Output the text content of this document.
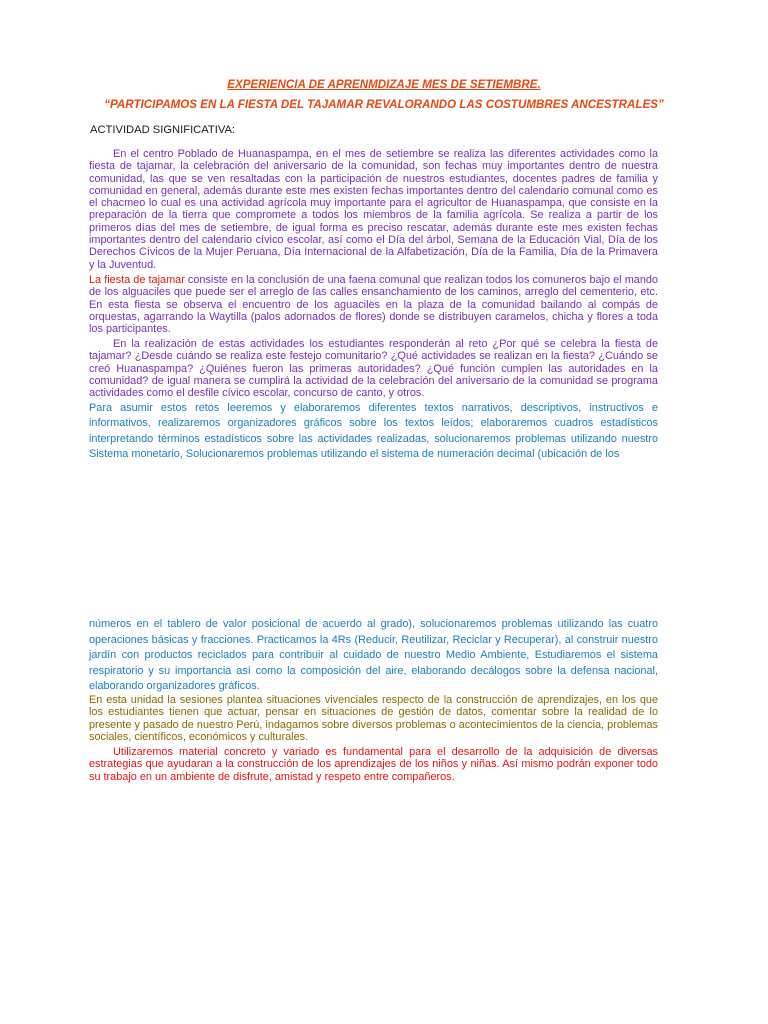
EXPERIENCIA DE APRENMDIZAJE MES DE SETIEMBRE.
“PARTICIPAMOS EN LA FIESTA DEL TAJAMAR REVALORANDO LAS COSTUMBRES ANCESTRALES”
ACTIVIDAD SIGNIFICATIVA:

En el centro Poblado de Huanaspampa, en el mes de setiembre se realiza las diferentes actividades como la fiesta de tajamar, la celebración del aniversario de la comunidad, son fechas muy importantes dentro de nuestra comunidad, las que se ven resaltadas con la participación de nuestros estudiantes, docentes padres de familia y comunidad en general, además durante este mes existen fechas importantes dentro del calendario comunal como es el chacmeo lo cual es una actividad agrícola muy importante para el agricultor de Huanaspampa, que consiste en la preparación de la tierra que compromete a todos los miembros de la familia agrícola. Se realiza a partir de los primeros días del mes de setiembre, de igual forma es preciso rescatar, además durante este mes existen fechas importantes dentro del calendario cívico escolar, así como el Día del árbol, Semana de la Educación Vial, Día de los Derechos Cívicos de la Mujer Peruana, Día Internacional de la Alfabetización, Día de la Familia, Día de la Primavera y la Juventud.

La fiesta de tajamar consiste en la conclusión de una faena comunal que realizan todos los comuneros bajo el mando de los alguaciles que puede ser el arreglo de las calles ensanchamiento de los caminos, arreglo del cementerio, etc. En esta fiesta se observa el encuentro de los aguaciles en la plaza de la comunidad bailando al compás de orquestas, agarrando la Waytilla (palos adornados de flores) donde se distribuyen caramelos, chicha y flores a toda los participantes.

En la realización de estas actividades los estudiantes responderán al reto ¿Por qué se celebra la fiesta de tajamar? ¿Desde cuándo se realiza este festejo comunitario? ¿Qué actividades se realizan en la fiesta? ¿Cuándo se creó Huanaspampa? ¿Quiénes fueron las primeras autoridades? ¿Qué función cumplen las autoridades en la comunidad? de igual manera se cumplirá la actividad de la celebración del aniversario de la comunidad se programa actividades como el desfile cívico escolar, concurso de canto, y otros.

Para asumir estos retos leeremos y elaboraremos diferentes textos narrativos, descriptivos, instructivos e informativos, realizaremos organizadores gráficos sobre los textos leídos; elaboraremos cuadros estadísticos interpretando términos estadísticos sobre las actividades realizadas, solucionaremos problemas utilizando nuestro Sistema monetario, Solucionaremos problemas utilizando el sistema de numeración decimal (ubicación de los

números en el tablero de valor posicional de acuerdo al grado), solucionaremos problemas utilizando las cuatro operaciones básicas y fracciones. Practicamos la 4Rs (Reducir, Reutilizar, Reciclar y Recuperar), al construir nuestro jardín con productos reciclados para contribuir al cuidado de nuestro Medio Ambiente, Estudiaremos el sistema respiratorio y su importancia así como la composición del aire, elaborando decálogos sobre la defensa nacional, elaborando organizadores gráficos.

En esta unidad la sesiones plantea situaciones vivenciales respecto de la construcción de aprendizajes, en los que los estudiantes tienen que actuar, pensar en situaciones de gestión de datos, comentar sobre la realidad de lo presente y pasado de nuestro Perú, indagamos sobre diversos problemas o acontecimientos de la ciencia, problemas sociales, científicos, económicos y culturales.

Utilizaremos material concreto y variado es fundamental para el desarrollo de la adquisición de diversas estrategias que ayudaran a la construcción de los aprendizajes de los niños y niñas. Así mismo podrán exponer todo su trabajo en un ambiente de disfrute, amistad y respeto entre compañeros.
